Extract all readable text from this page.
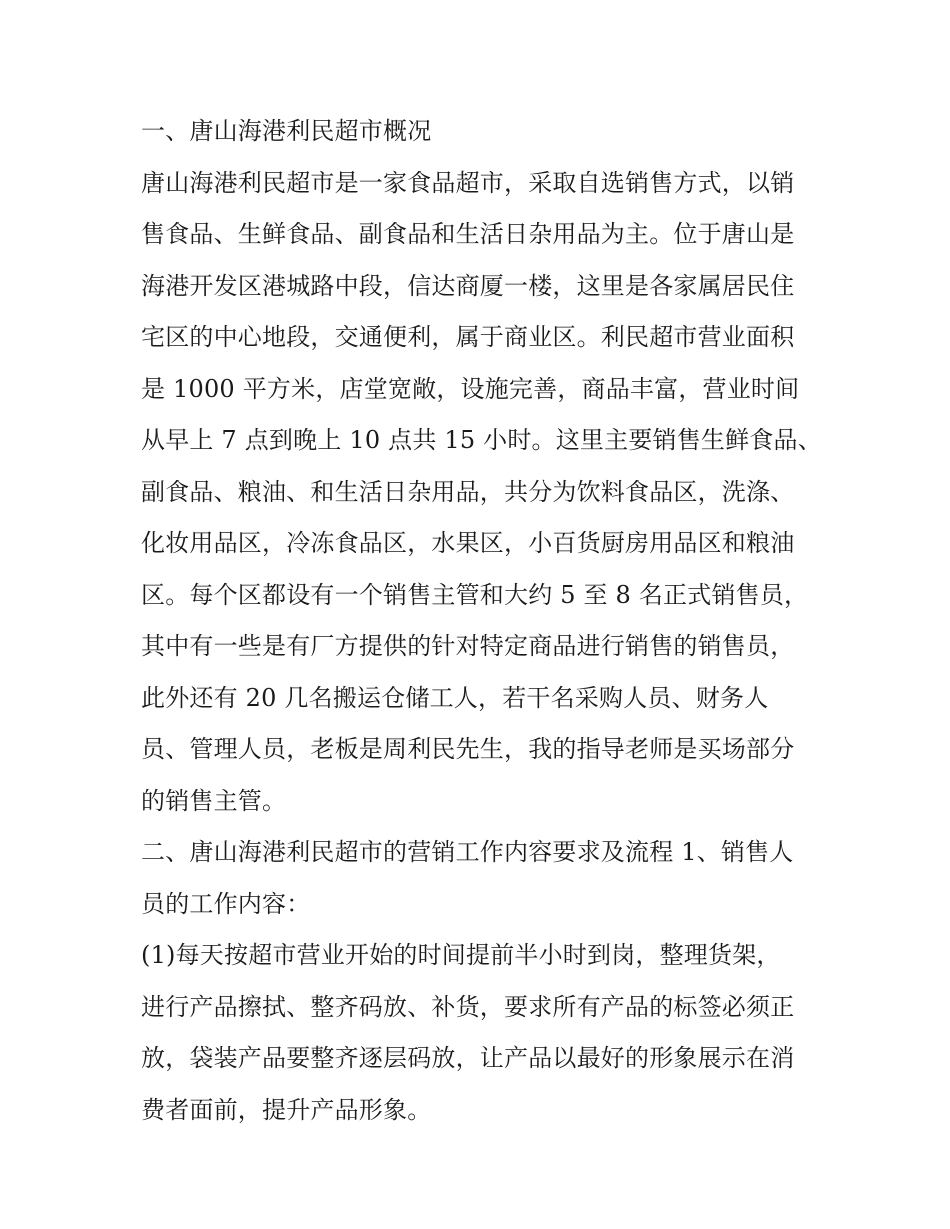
一、唐山海港利民超市概况
唐山海港利民超市是一家食品超市，采取自选销售方式，以销
售食品、生鲜食品、副食品和生活日杂用品为主。位于唐山是
海港开发区港城路中段，信达商厦一楼，这里是各家属居民住
宅区的中心地段，交通便利，属于商业区。利民超市营业面积
是 1000 平方米，店堂宽敞，设施完善，商品丰富，营业时间
从早上 7 点到晚上 10 点共 15 小时。这里主要销售生鲜食品、
副食品、粮油、和生活日杂用品，共分为饮料食品区，洗涤、
化妆用品区，冷冻食品区，水果区，小百货厨房用品区和粮油
区。每个区都设有一个销售主管和大约 5 至 8 名正式销售员，
其中有一些是有厂方提供的针对特定商品进行销售的销售员，
此外还有 20 几名搬运仓储工人，若干名采购人员、财务人
员、管理人员，老板是周利民先生，我的指导老师是买场部分
的销售主管。
二、唐山海港利民超市的营销工作内容要求及流程 1、销售人
员的工作内容：
(1)每天按超市营业开始的时间提前半小时到岗，整理货架，
进行产品擦拭、整齐码放、补货，要求所有产品的标签必须正
放，袋装产品要整齐逐层码放，让产品以最好的形象展示在消
费者面前，提升产品形象。
